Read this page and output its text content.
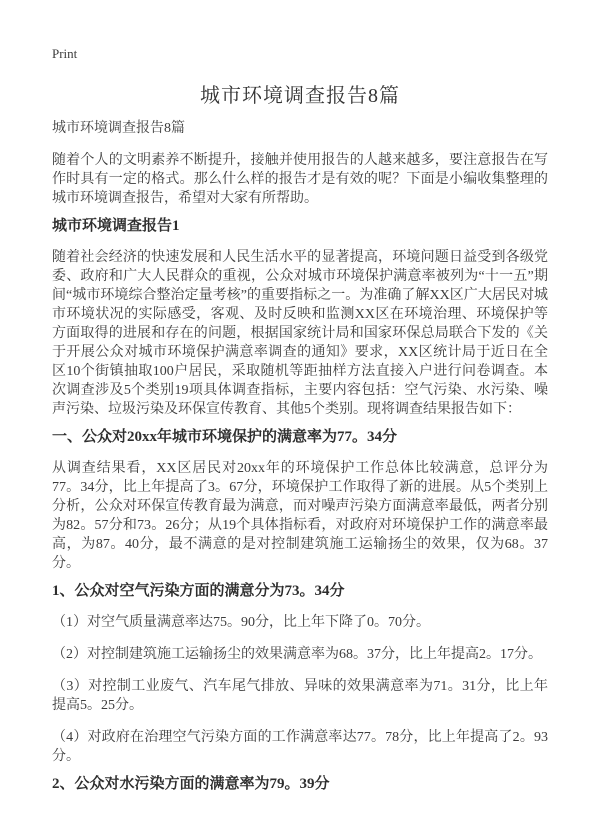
Print
城市环境调查报告8篇

城市环境调查报告8篇

随着个人的文明素养不断提升，接触并使用报告的人越来越多，要注意报告在写作时具有一定的格式。那么什么样的报告才是有效的呢？下面是小编收集整理的城市环境调查报告，希望对大家有所帮助。

城市环境调查报告1

随着社会经济的快速发展和人民生活水平的显著提高，环境问题日益受到各级党委、政府和广大人民群众的重视，公众对城市环境保护满意率被列为“十一五”期间“城市环境综合整治定量考核”的重要指标之一。为准确了解XX区广大居民对城市环境状况的实际感受，客观、及时反映和监测XX区在环境治理、环境保护等方面取得的进展和存在的问题，根据国家统计局和国家环保总局联合下发的《关于开展公众对城市环境保护满意率调查的通知》要求，XX区统计局于近日在全区10个街镇抽取100户居民，采取随机等距抽样方法直接入户进行问卷调查。本次调查涉及5个类别19项具体调查指标，主要内容包括：空气污染、水污染、噪声污染、垃圾污染及环保宣传教育、其他5个类别。现将调查结果报告如下：

一、公众对20xx年城市环境保护的满意率为77。34分

从调查结果看，XX区居民对20xx年的环境保护工作总体比较满意，总评分为77。34分，比上年提高了3。67分，环境保护工作取得了新的进展。从5个类别上分析，公众对环保宣传教育最为满意，而对噪声污染方面满意率最低，两者分别为82。57分和73。26分；从19个具体指标看，对政府对环境保护工作的满意率最高，为87。40分，最不满意的是对控制建筑施工运输扬尘的效果，仅为68。37分。

1、公众对空气污染方面的满意分为73。34分

（1）对空气质量满意率达75。90分，比上年下降了0。70分。

（2）对控制建筑施工运输扬尘的效果满意率为68。37分，比上年提高2。17分。

（3）对控制工业废气、汽车尾气排放、异味的效果满意率为71。31分，比上年提高5。25分。

（4）对政府在治理空气污染方面的工作满意率达77。78分，比上年提高了2。93分。

2、公众对水污染方面的满意率为79。39分
